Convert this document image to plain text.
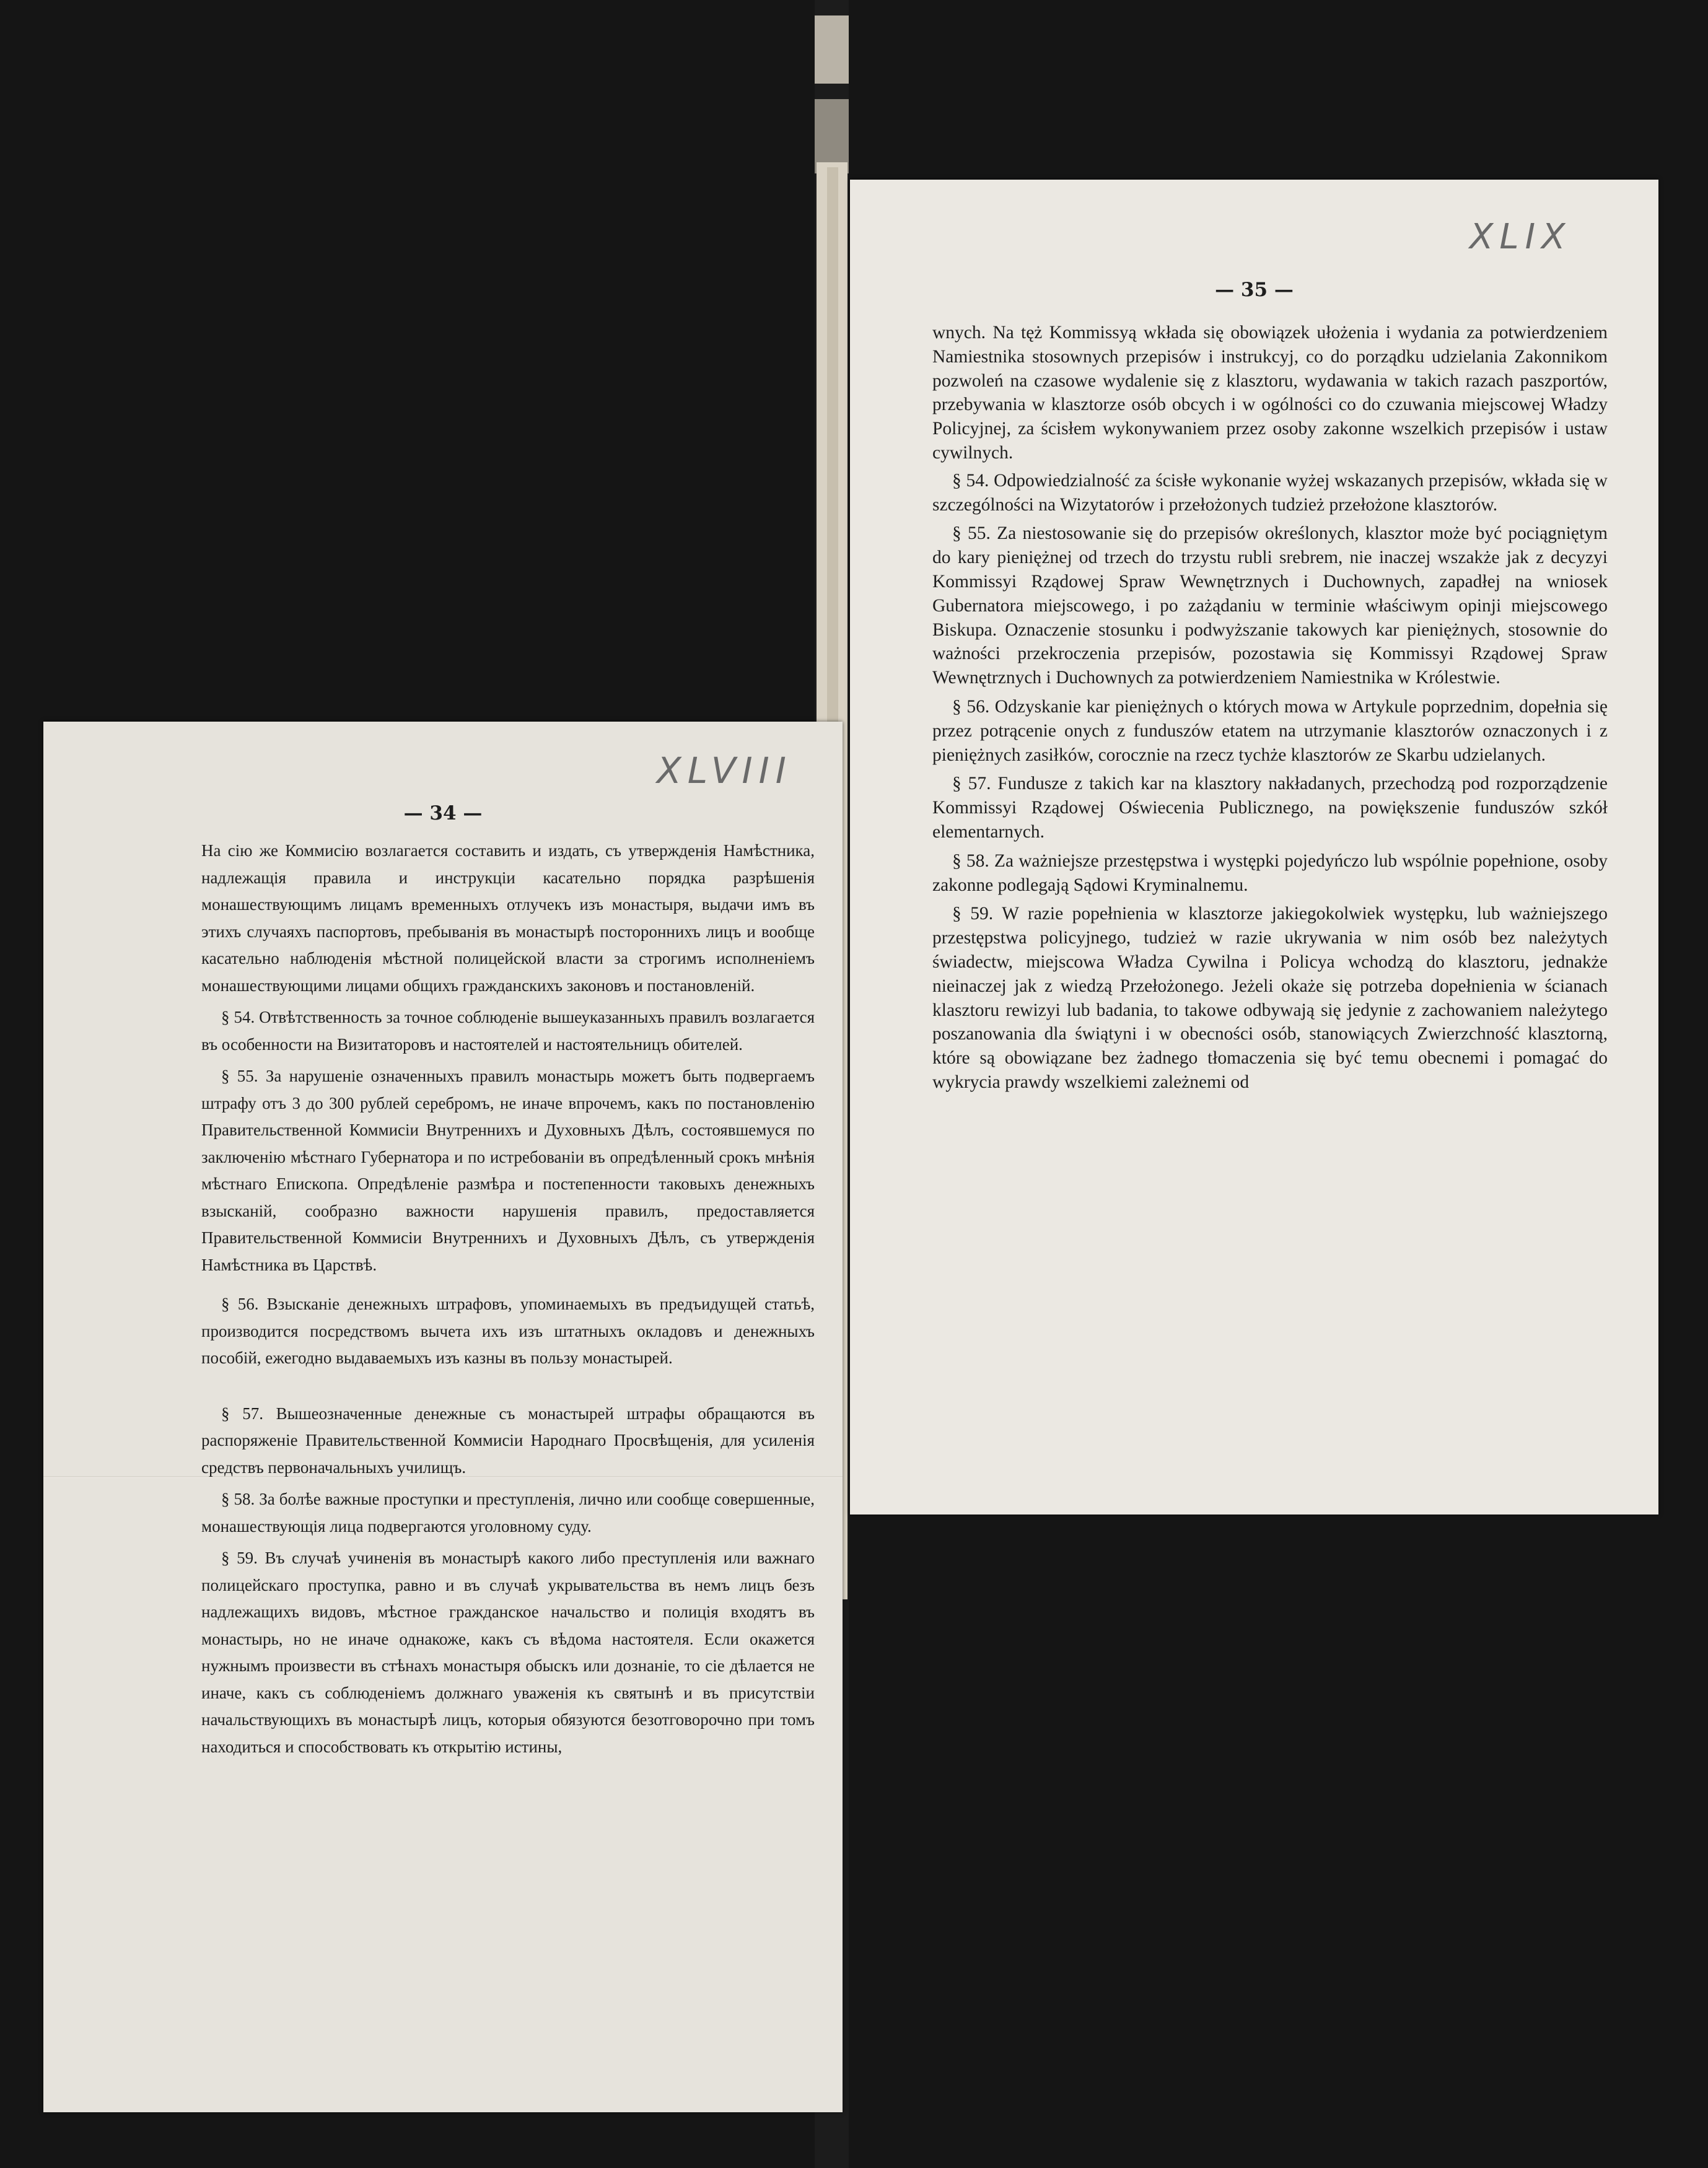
XLVIII
— 34 —

На сію же Коммисію возлагается составить и издать, съ утвержденія Намѣстника, надлежащія правила и инструкціи касательно порядка разрѣшенія монашествующимъ лицамъ временныхъ отлучекъ изъ монастыря, выдачи имъ въ этихъ случаяхъ паспортовъ, пребыванія въ монастырѣ постороннихъ лицъ и вообще касательно наблюденія мѣстной полицейской власти за строгимъ исполненіемъ монашествующими лицами общихъ гражданскихъ законовъ и постановленій.

§ 54. Отвѣтственность за точное соблюденіе вышеуказанныхъ правилъ возлагается въ особенности на Визитаторовъ и настоятелей и настоятельницъ обителей.

§ 55. За нарушеніе означенныхъ правилъ монастырь можетъ быть подвергаемъ штрафу отъ 3 до 300 рублей серебромъ, не иначе впрочемъ, какъ по постановленію Правительственной Коммисіи Внутреннихъ и Духовныхъ Дѣлъ, состоявшемуся по заключенію мѣстнаго Губернатора и по истребованіи въ опредѣленный срокъ мнѣнія мѣстнаго Епископа. Опредѣленіе размѣра и постепенности таковыхъ денежныхъ взысканій, сообразно важности нарушенія правилъ, предоставляется Правительственной Коммисіи Внутреннихъ и Духовныхъ Дѣлъ, съ утвержденія Намѣстника въ Царствѣ.

§ 56. Взысканіе денежныхъ штрафовъ, упоминаемыхъ въ предъидущей статьѣ, производится посредствомъ вычета ихъ изъ штатныхъ окладовъ и денежныхъ пособій, ежегодно выдаваемыхъ изъ казны въ пользу монастырей.

§ 57. Вышеозначенные денежные съ монастырей штрафы обращаются въ распоряженіе Правительственной Коммисіи Народнаго Просвѣщенія, для усиленія средствъ первоначальныхъ училищъ.

§ 58. За болѣе важные проступки и преступленія, лично или сообще совершенные, монашествующія лица подвергаются уголовному суду.

§ 59. Въ случаѣ учиненія въ монастырѣ какого либо преступленія или важнаго полицейскаго проступка, равно и въ случаѣ укрывательства въ немъ лицъ безъ надлежащихъ видовъ, мѣстное гражданское начальство и полиція входятъ въ монастырь, но не иначе однакоже, какъ съ вѣдома настоятеля. Если окажется нужнымъ произвести въ стѣнахъ монастыря обыскъ или дознаніе, то сіе дѣлается не иначе, какъ съ соблюденіемъ должнаго уваженія къ святынѣ и въ присутствіи начальствующихъ въ монастырѣ лицъ, которыя обязуются безотговорочно при томъ находиться и способствовать къ открытію истины,

XLIX
— 35 —

wnych. Na tęż Kommissyą wkłada się obowiązek ułożenia i wydania za potwierdzeniem Namiestnika stosownych przepisów i instrukcyj, co do porządku udzielania Zakonnikom pozwoleń na czasowe wydalenie się z klasztoru, wydawania w takich razach paszportów, przebywania w klasztorze osób obcych i w ogólności co do czuwania miejscowej Władzy Policyjnej, za ścisłem wykonywaniem przez osoby zakonne wszelkich przepisów i ustaw cywilnych.

§ 54. Odpowiedzialność za ścisłe wykonanie wyżej wskazanych przepisów, wkłada się w szczególności na Wizytatorów i przełożonych tudzież przełożone klasztorów.

§ 55. Za niestosowanie się do przepisów określonych, klasztor może być pociągniętym do kary pieniężnej od trzech do trzystu rubli srebrem, nie inaczej wszakże jak z decyzyi Kommissyi Rządowej Spraw Wewnętrznych i Duchownych, zapadłej na wniosek Gubernatora miejscowego, i po zażądaniu w terminie właściwym opinji miejscowego Biskupa. Oznaczenie stosunku i podwyższanie takowych kar pieniężnych, stosownie do ważności przekroczenia przepisów, pozostawia się Kommissyi Rządowej Spraw Wewnętrznych i Duchownych za potwierdzeniem Namiestnika w Królestwie.

§ 56. Odzyskanie kar pieniężnych o których mowa w Artykule poprzednim, dopełnia się przez potrącenie onych z funduszów etatem na utrzymanie klasztorów oznaczonych i z pieniężnych zasiłków, corocznie na rzecz tychże klasztorów ze Skarbu udzielanych.

§ 57. Fundusze z takich kar na klasztory nakładanych, przechodzą pod rozporządzenie Kommissyi Rządowej Oświecenia Publicznego, na powiększenie funduszów szkół elementarnych.

§ 58. Za ważniejsze przestępstwa i występki pojedyńczo lub wspólnie popełnione, osoby zakonne podlegają Sądowi Kryminalnemu.

§ 59. W razie popełnienia w klasztorze jakiegokolwiek występku, lub ważniejszego przestępstwa policyjnego, tudzież w razie ukrywania w nim osób bez należytych świadectw, miejscowa Władza Cywilna i Policya wchodzą do klasztoru, jednakże nieinaczej jak z wiedzą Przełożonego. Jeżeli okaże się potrzeba dopełnienia w ścianach klasztoru rewizyi lub badania, to takowe odbywają się jedynie z zachowaniem należytego poszanowania dla świątyni i w obecności osób, stanowiących Zwierzchność klasztorną, które są obowiązane bez żadnego tłomaczenia się być temu obecnemi i pomagać do wykrycia prawdy wszelkiemi zależnemi od
